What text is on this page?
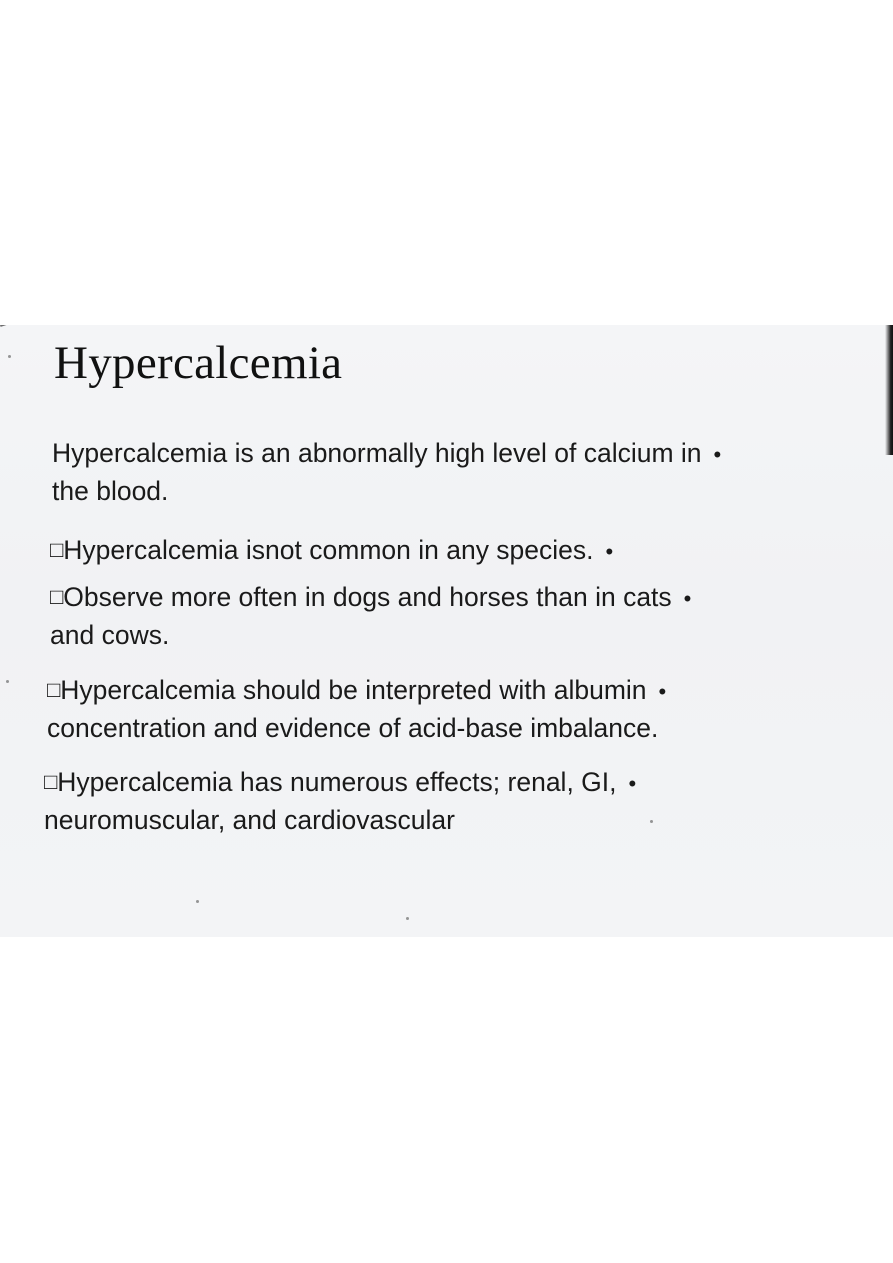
Hypercalcemia

Hypercalcemia is an abnormally high level of calcium in •
the blood.

□Hypercalcemia isnot common in any species. •

□Observe more often in dogs and horses than in cats •
and cows.

□Hypercalcemia should be interpreted with albumin •
concentration and evidence of acid-base imbalance.

□Hypercalcemia has numerous effects; renal, GI, •
neuromuscular, and cardiovascular
